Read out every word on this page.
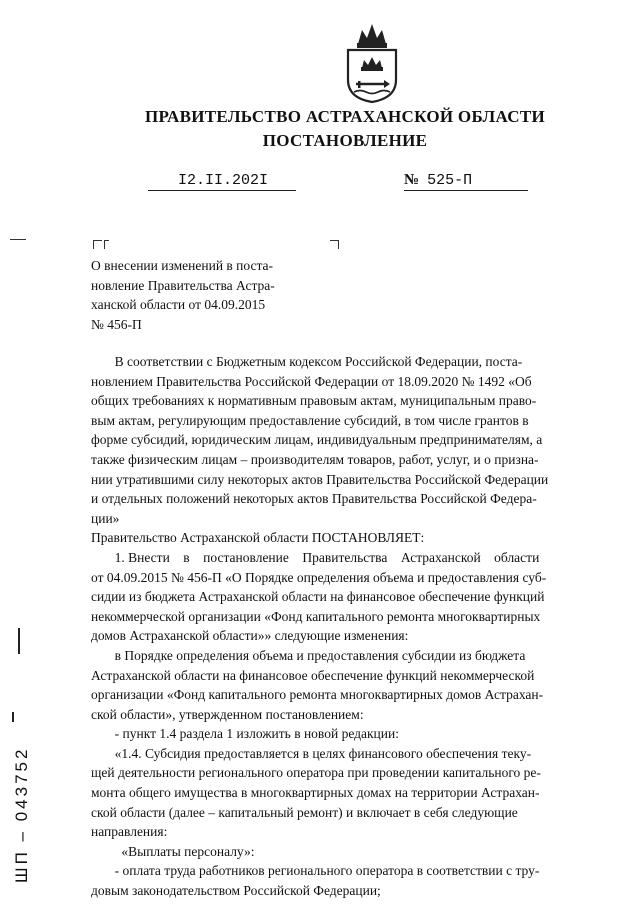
ПРАВИТЕЛЬСТВО АСТРАХАНСКОЙ ОБЛАСТИ
ПОСТАНОВЛЕНИЕ
I2.II.202I	№ 525-П
О внесении изменений в поста-
новление Правительства Астра-
ханской области от 04.09.2015
№ 456-П
В соответствии с Бюджетным кодексом Российской Федерации, поста-
новлением Правительства Российской Федерации от 18.09.2020 № 1492 «Об
общих требованиях к нормативным правовым актам, муниципальным право-
вым актам, регулирующим предоставление субсидий, в том числе грантов в
форме субсидий, юридическим лицам, индивидуальным предпринимателям, а
также физическим лицам – производителям товаров, работ, услуг, и о призна-
нии утратившими силу некоторых актов Правительства Российской Федерации
и отдельных положений некоторых актов Правительства Российской Федера-
ции»
Правительство Астраханской области ПОСТАНОВЛЯЕТ:
1. Внести    в    постановление    Правительства    Астраханской    области
от 04.09.2015 № 456-П «О Порядке определения объема и предоставления суб-
сидии из бюджета Астраханской области на финансовое обеспечение функций
некоммерческой организации «Фонд капитального ремонта многоквартирных
домов Астраханской области»» следующие изменения:
в Порядке определения объема и предоставления субсидии из бюджета
Астраханской области на финансовое обеспечение функций некоммерческой
организации «Фонд капитального ремонта многоквартирных домов Астрахан-
ской области», утвержденном постановлением:
- пункт 1.4 раздела 1 изложить в новой редакции:
«1.4. Субсидия предоставляется в целях финансового обеспечения теку-
щей деятельности регионального оператора при проведении капитального ре-
монта общего имущества в многоквартирных домах на территории Астрахан-
ской области (далее – капитальный ремонт) и включает в себя следующие
направления:
«Выплаты персоналу»:
- оплата труда работников регионального оператора в соответствии с тру-
довым законодательством Российской Федерации;
ШП – 043752
